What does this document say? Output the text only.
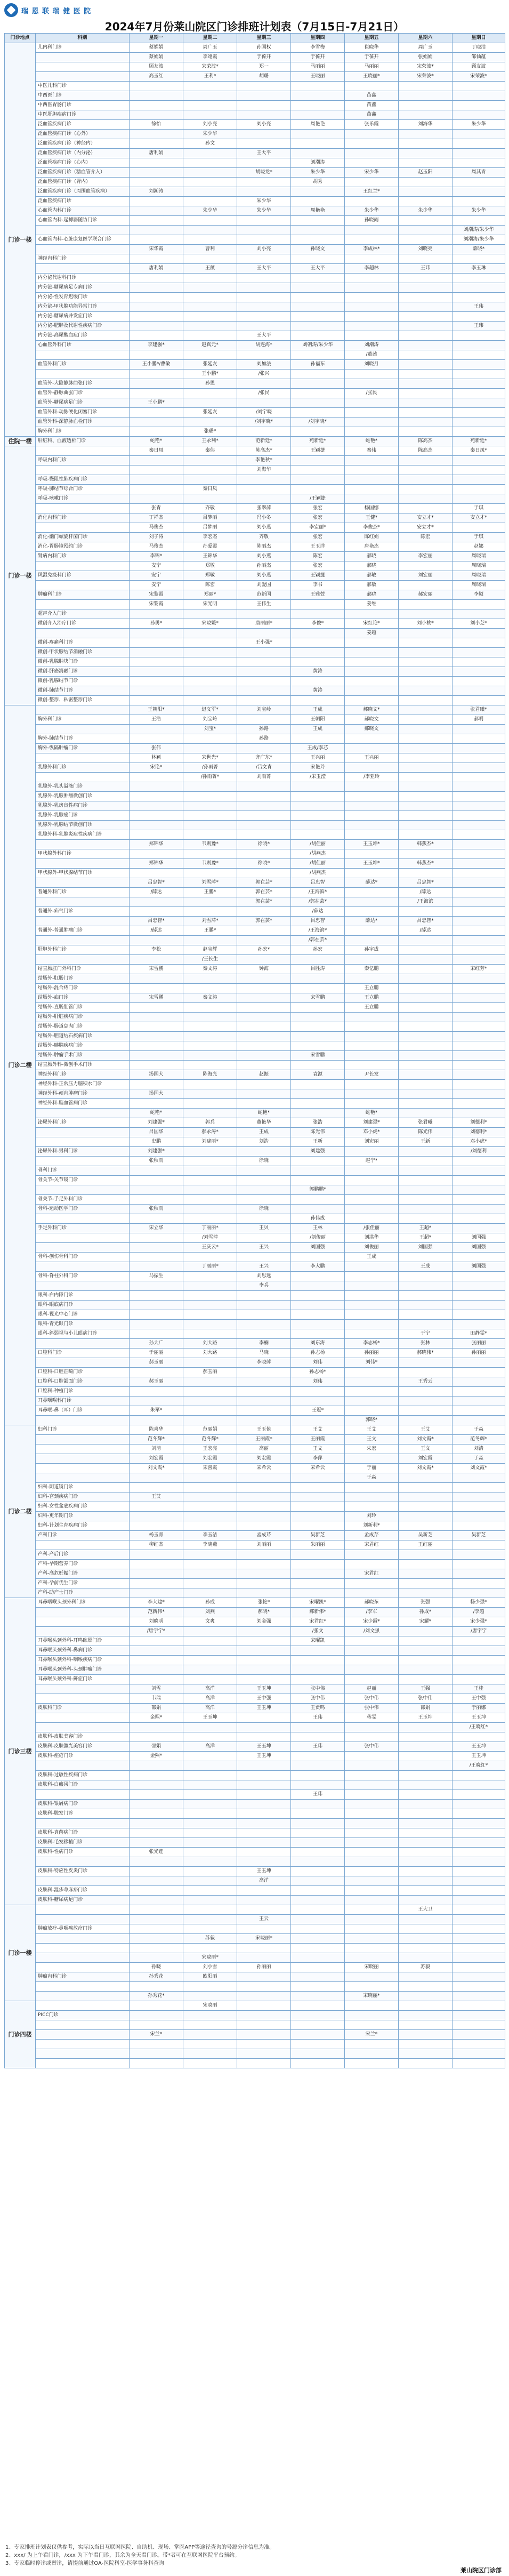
瑞 恩 联 瑞 健 医 院
2024年7月份莱山院区门诊排班计划表（7月15日-7月21日）
门诊地点	科别	星期一	星期二	星期三	星期四	星期五	星期六	星期日
门诊一楼	儿内科门诊	蔡娟娟	周广玉	孙国权	李雪梅	崔晓华	周广玉	丁晓洁
		蔡娟娟	李翊霞	于葆开	于葆开	于葆开	张娟娟	邹仙蕴
		顾友波	宋荣波*	郑一	马丽丽	马丽丽	宋荣波*	顾友波
		高玉红	王利*	胡璐	王晓丽	王晓丽*	宋荣波*	宋荣波*
	中医儿科门诊							
	中西医门诊					苗鑫		
	中西医胃肠门诊					苗鑫		
	中医肝胆疾病门诊					苗鑫		
	泛血管疾病门诊	徐怡	刘小亮	刘小亮	周艳艳	张乐霞	刘海华	朱少华
	泛血管疾病门诊（心外）		朱少华					
	泛血管疾病门诊（神经内）		孙文					
	泛血管疾病门诊（内分泌）	唐利娟		王大平				
	泛血管疾病门诊（心内）				刘潮涛			
	泛血管疾病门诊（糖血管介入）			胡晓龙*	朱少华	宋少华	赵玉阳	周其青
	泛血管疾病门诊（肾内）				胡秀			
	泛血管疾病门诊（周围血管疾病）	刘潮涛				王红兰*		
	泛血管疾病门诊			朱少华				
	心血管内科门诊		朱少华	朱少华	周艳艳	朱少华	朱少华	朱少华
	心血管内科-起搏器随访门诊					孙晓雨		
								刘潮涛/朱少华
	心血管内科-心脏康复医学联合门诊							刘潮涛/朱少华
		宋华霞	曹利	刘小亮	孙晓文	李成林*	刘晓亮	薛晓*
	神经内科门诊							
		唐利娟	王薇	王大平	王大平	李超林	王玮	李玉琳
	内分泌代谢科门诊							
	内分泌-糖尿病足专病门诊							
	内分泌-性发育迟缓门诊							
	内分泌-甲状腺功能异常门诊							王玮
	内分泌-糖尿病并发症门诊							
	内分泌-肥胖及代谢性疾病门诊							王玮
	内分泌-高尿酸血症门诊			王大平				
	心血管外科门诊	李建强*	赵真元*	胡连海*	刘朝涛/朱少华	刘潮涛		
						/董茜		
	血管外科门诊	王小鹏*/曹敏	张延友	刘加法	孙福东	刘晓月		
			王小鹏*	/张兴				
	血管外-大隐静脉曲张门诊		孙思					
	血管外-静脉曲张门诊			/张民		/张民		
	血管外-糖尿病足门诊	王小鹏*						
	血管外科-动脉硬化闭塞门诊		张延友	/刘宁晓				
	血管外科-深静脉血栓门诊			/刘宇晓*	/刘宇晓*			
	胸外科门诊		张璐*					
住院一楼	肝脏科、血液透析门诊	蛇艳*	王永利*	范新廷*	苑新廷*	蛇艳*	陈高杰	苑新廷*
门诊一楼		秦日凤	秦伟	陈高杰*	王颖捷	秦伟	陈高杰	秦日凤*
	呼吸内科门诊			李艳秋*				
				刘海华				
	呼吸-慢阻性肺疾病门诊							
	呼吸-肺结节综合门诊		秦日凤					
	呼吸-咳嗽门诊				/王颖捷			
		张青	齐敬	张翠萍	张宏	杨国娜		于琪
	消化内科门诊	丁祥杰	吕梦丽	冯小冬	张宏	王健*	安立才*	安立才*
		马俊杰	吕梦丽	刘小燕	李宏丽*	李俊杰*	安立才*	
	消化-幽门螺旋杆菌门诊	刘子涛	李宏杰	齐敬	张宏	陈红娟	陈宏	于琪
	消化-胃肠镜预约门诊	马俊杰	孙爱霞	陈丽杰	王玉洋	唐艳杰		赵娜
	肾病内科门诊	李锦*	王锦华	刘小燕	陈宏	郝晓	李宏丽	周晓瑞
		安宁	郑敏	孙丽杰	张宏	郝晓		周晓瑞
	风湿免疫科门诊	安宁	郑敏	刘小燕	王颖捷	郝敏	刘宏丽	周晓瑞
		安宁	陈宏	刘爱国	李书	郝敏		周晓瑞
	肿瘤科门诊	宋黎霞	郑丽*	范新国	王雅萱	郝晓	郝宏丽	李颖
		宋黎霞	宋光明	王伟生		姜维		
	超声介入门诊							
	微创介入治疗门诊	孙勇*	宋晓媛*	唐丽丽*	李俊*	宋红艳*	刘小桃*	刘小芝*
						姜超		
	微创-疼痛科门诊			王小强*				
	微创-甲状腺结节消融门诊							
	微创-乳腺肿块门诊							
	微创-肝癌消融门诊				黄涛			
	微创-乳腺结节门诊							
	微创-肺结节门诊				黄涛			
	微创-整形、私密整形门诊							
门诊二楼		王朝阳*	迟义军*	刘宝岭	王成	郝晓文*		张君曦*
	胸外科门诊	王浩	刘宝岭		王朝阳	郝晓文		郝明
			刘宝*	孙路	王成	郝晓文		
	胸外-肺结节门诊			孙路				
	胸外-纵隔肿瘤门诊	张伟			王成/李芯			
		林颖	宋世光*	齐广东*	王兴丽	王兴丽		
	乳腺外科门诊	宋艳*	/孙雨菁	/吕文青	宋艳玲			
			/孙雨菁*	刘雨菁	/宋玉滢	/李亚玲		
	乳腺外-乳头溢液门诊							
	乳腺外-乳腺肿瘤微创门诊							
	乳腺外-乳房良性病门诊							
	乳腺外-乳腺癌门诊							
	乳腺外-乳腺结节微创门诊							
	乳腺外科-乳腺炎症性疾病门诊							
		郑锦华	韦则豫*	徐晓*	/胡佳丽	王玉坤*	韩燕杰*	
	甲状腺外科门诊				/胡燕杰			
		郑锦华	韦则豫*	徐晓*	/胡佳丽	王玉坤*	韩燕杰*	
	甲状腺外-甲状腺结节门诊				/胡燕杰			
		吕忠智*	刘雪萍*	郭在芸*	吕忠智	薛达*	吕忠智*	
	普通外科门诊	/薛达	王鹏*	郭在芸*	/王海滨*		/薛达	
				郭在芸*	/郭在芸*		/王海滨	
	普通外-疝气门诊				/薛达			
		吕忠智*	刘雪萍*	郭在芸*	吕忠智	薛达*	吕忠智*	
	普通外-普通肿瘤门诊	/薛达	王鹏*		/王海滨*		/薛达	
					/郭在芸*			
	肝胆外科门诊	李松	赵宝辉	孙宏*	孙宏	孙宇成		
			/王长生					
	结直肠肛门外科门诊	宋雪鹏	秦文涛	钟海	吕胜涛	秦亿鹏		宋红芳*
	结肠外-肛肠门诊							
	结肠外-混合痔门诊					王立鹏		
	结肠外-疝门诊	宋雪鹏	秦文涛		宋雪鹏	王立鹏		
	结肠外-直肠肛管门诊					王立鹏		
	结肠外-肝脏疾病门诊							
	结肠外-肠道息肉门诊							
	结肠外-胆道结石疾病门诊							
	结肠外-胰腺疾病门诊							
	结肠外-肿瘤手术门诊				宋雪鹏			
	结直肠外科-微创手术门诊							
	神经外科门诊	汤国大	陈海光	赵振	袁源	尹长发		
	神经外科-正常压力脑积水门诊							
	神经外科-颅内肿瘤门诊	汤国大						
	神经外科-脑血管病门诊							
		蛇艳*		蛇艳*		蛇艳*		
	泌尿外科门诊	刘建强*	郭兵	董艳华	张浩	刘建强*	张君曦	刘德利*
		吕国华	郝永涛*	王成	陈光伟	邓小虎*	陈光伟	刘德利*
		史鹏	刘晓丽*	刘浩	王新	刘宏丽	王新	邓小虎*
	泌尿外科-男科门诊	刘建强*			刘建强			/刘德利
		张秋雨		徐晓		赵宁*		
	骨科门诊							
	骨关节-关节镜门诊							
					郭鹏鹏*			
	骨关节-手足外科门诊							
	骨科-运动医学门诊	张秋雨		徐晓				
					孙伟成			
	手足外科门诊	宋立华	丁丽丽*	王贝	王林	/张佳丽	王超*	
			/刘雪萍		/刘俊丽	刘洪华	王超*	刘国强
			王庆云*	王兴	刘国强	刘俊丽	刘国强	刘国强
	骨科-创伤骨科门诊					王成		
			丁丽丽*	王兴	李大鹏		王成	刘国强
	骨科-脊柱外科门诊	马振生		刘思远				
				李兵				
	眼科-白内障门诊							
	眼科-眼底病门诊							
	眼科-视光中心门诊							
	眼科-青光眼门诊							
	眼科-斜弱视与小儿眼病门诊						于宁	田静雯*
		孙大广	刘大路	李楠	刘东涛	李志杨*	张林	张丽丽
	口腔科门诊	于丽丽	刘大路	马晓	孙志杨	孙丽丽	郝晓伟*	孙丽丽
		郝玉丽		李晓萍	刘伟	刘伟*		
	口腔科-口腔正畸门诊		郝玉丽		孙志杨*			
	口腔科-口腔颌面门诊	郝玉丽			刘伟		王秀云	
	口腔科-种植门诊							
	耳鼻咽喉科门诊							
	耳鼻喉-鼻（耳）门诊	朱军*			王冠*			
						郭晓*		
门诊二楼	妇科门诊	陈喜华	范丽娟	王玉侠	王艾	王艾	王艾	于淼
		范冬辉*	范冬辉*	王丽霞*	王丽霞	王文	刘文霞*	范冬辉*
		刘清	王宏亮	高丽	王文	朱宏	王文	刘清
		刘宏霞	刘宏霞	刘宏霞	李萍		刘宏霞	于淼
		刘文霞*	宋喜霞	宋希云	宋希云	于丽	刘文霞*	刘文霞*
						于淼		
	妇科-阴道镜门诊							
	妇科-宫颈疾病门诊	王艾						
	妇科-女性盆底疾病门诊							
	妇科-更年期门诊					刘玲		
	妇科-计划生育疾病门诊					刘新利*		
	产科门诊	杨玉青	李玉洁	孟成芹	吴新芝	孟成芹	吴新芝	吴新芝
		柳红杰	李晓燕	刘丽丽	朱丽丽	宋君红	王红丽	
	产科-产后门诊							
	产科-孕期营养门诊							
	产科-高危妊娠门诊					宋君红		
	产科-孕前优生门诊							
	产科-助产士门诊							
门诊三楼	耳鼻咽喉头颈外科门诊	李大建*	孙成	张艳*	宋曜凯*	郝晓东	张强	杨少强*
		范新伟*	刘燕	郝晓*	郝新伟*	/李军	孙成*	/李超
		刘晓明	文爽	刘金强	宋君红*	宋少霞*	宋耀*	宋少强*
		/唐宇宁*			/张文	/刘文强		/唐宇宁
	耳鼻喉头颈外科-耳鸣眩晕门诊				宋曜凯			
	耳鼻喉头颈外科-鼻病门诊							
	耳鼻喉头颈外科-咽喉疾病门诊							
	耳鼻喉头颈外科-头颈肿瘤门诊							
	耳鼻喉头颈外科-鼾症门诊							
		刘雪	高洋	王玉坤	张中伟	赵丽	王强	王桂
		韦瑞	高洋	王中强	张中伟	张中伟	张中伟	王中强
	皮肤科门诊	邵娟	高洋	王玉坤	王贾鸣	张中伟	邵娟	于丽娜
		金熙*	王玉坤		王玮	蒋雯	王玉坤	王玉坤
								/王晓红*
	皮肤科-皮肤美容门诊							
	皮肤科-皮肤激光美容门诊	邵娟	高洋	王玉坤	王玮	张中伟		王玉坤
	皮肤科-痤疮门诊	金熙*		王玉坤				王玉坤
								/王晓红*
	皮肤科-过敏性疾病门诊							
	皮肤科-白癜风门诊							
					王玮			
	皮肤科-银屑病门诊							
	皮肤科-脱发门诊							

	皮肤科-真菌病门诊							
	皮肤科-毛发移植门诊							
	皮肤科-性病门诊	张光莲						

	皮肤科-特应性皮炎门诊			王玉坤				
				高洋				
	皮肤科-湿疹荨麻疹门诊							
	皮肤科-糖尿病足门诊							
门诊一楼							王大卫	
				王云				
	肿瘤放疗-鼻咽癌放疗门诊							
			苏毅	宋晓丽*				

			宋晓丽*					
		孙晓	刘小雪	孙丽丽		宋晓丽	苏毅	
	肿瘤内科门诊	孙秀花	欧阳丽					

		孙秀花*				宋晓丽*		
门诊四楼			宋晓丽					
	PICC门诊							

		宋兰*				宋兰*		

1、专家排班计划表仅供参考，实际以当日互联网医院、自助机、现场、掌医APP等途径查询的号源分诊信息为准。
2、xxx/ 为上午看门诊，/xxx 为下午看门诊，其余为全天看门诊。带*者可在互联网医院平台预约。
3、专家临时停诊或替诊，请提前通过OA-医院科室-医学事务科查询
莱山院区门诊部
